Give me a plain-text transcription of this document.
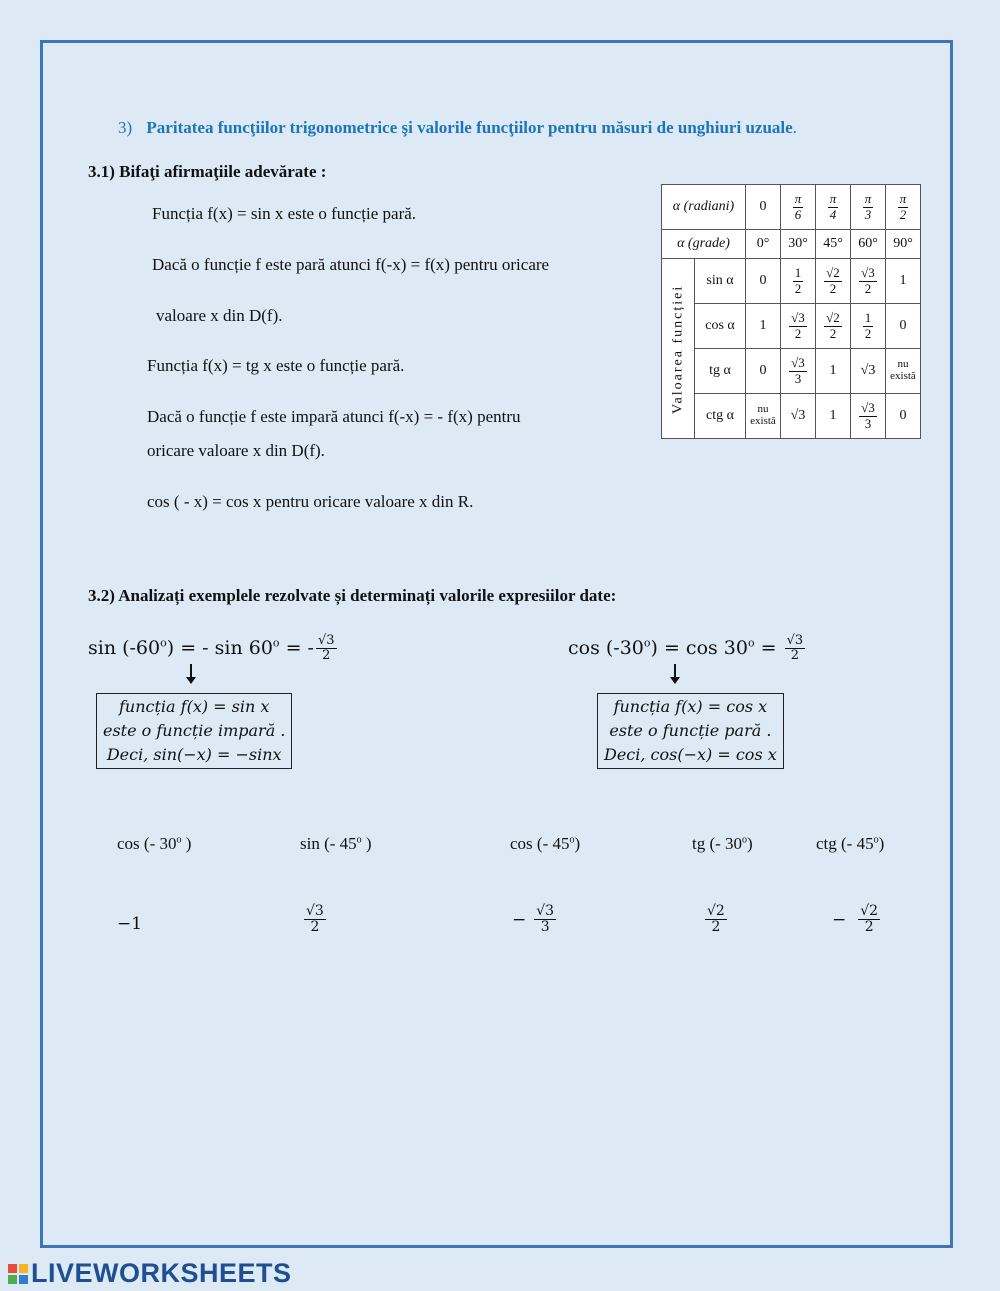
3) Paritatea funcţiilor trigonometrice şi valorile funcţiilor pentru măsuri de unghiuri uzuale.
3.1) Bifaţi afirmaţiile adevărate :
Funcția f(x) = sin x este o funcție pară.
Dacă o funcție f este pară atunci f(-x) = f(x) pentru oricare
valoare x din D(f).
Funcția f(x) = tg x este o funcție pară.
Dacă o funcție f este impară atunci f(-x) = - f(x) pentru
oricare valoare x din D(f).
cos ( - x) = cos x pentru oricare valoare x din R.
α (radiani)		0	$\frac{\pi}{6}$	$\frac{\pi}{4}$	$\frac{\pi}{3}$	$\frac{\pi}{2}$

α (grade)		0°	30°	45°	60°	90°
Valoarea funcției	sin α	0	$\frac{1}{2}$	$\frac{√2}{2}$	$\frac{√3}{2}$	1
	cos α	1	$\frac{√3}{2}$	$\frac{√2}{2}$	$\frac{1}{2}$	0
	tg α	0	$\frac{√3}{3}$	1	√3	nu există
	ctg α	nu există	√3	1	$\frac{√3}{3}$	0
3.2) Analizați exemplele rezolvate și determinați valorile expresiilor date:
$\sin (-60^o)$ = - $\sin 60^o$ = - $\frac{√3}{2}$
funcția f(x) = sin x
este o funcție impară .
Deci, sin(−x) = −sinx
$\cos (-30^o) = \cos 30^o = \frac{√3}{2}$
funcția f(x) = cos x
este o funcție pară .
Deci, cos(−x) = cos x
cos (- 30$^o$ )	sin (- 45$^o$ )	cos (- 45$^o$)	tg (- 30$^o$)	ctg (- $45^o$)
−1	$\frac{√3}{2}$	− $\frac{√3}{3}$	$\frac{√2}{2}$	− $\frac{√2}{2}$
LIVEWORKSHEETS
